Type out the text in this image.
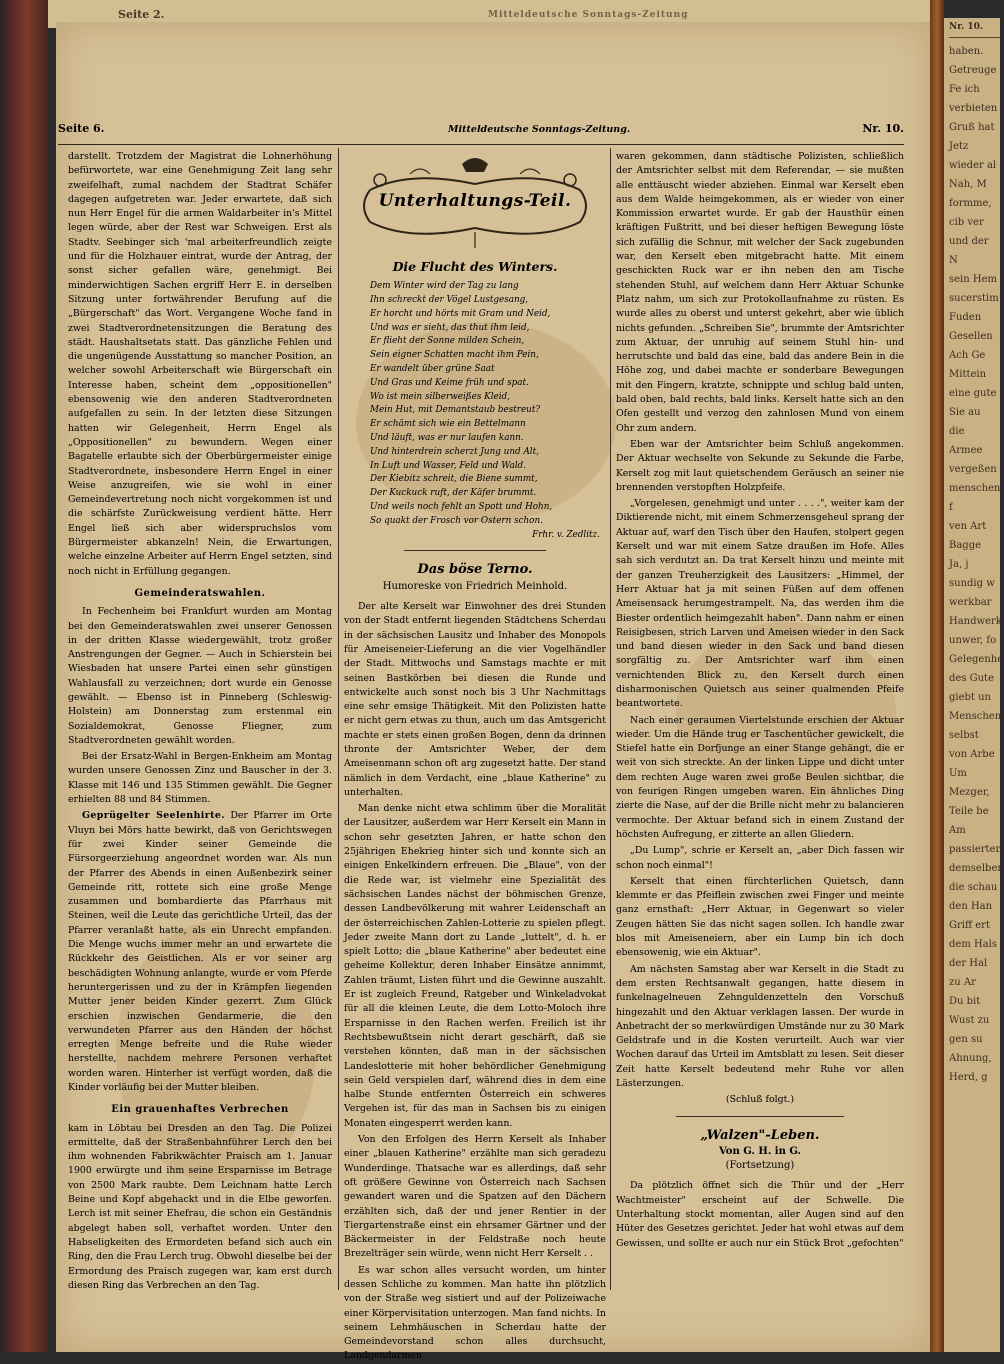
Seite 2.	Mitteldeutsche Sonntags-Zeitung
Nr. 10.
haben.
Getreuge
Fe ich
verbieten
Gruß hat
Jetz
wieder al
Nah, M
formme,
cib ver
und der N
sein Hem
sucerstim
Fuden
Gesellen
Ach Ge
Mittein
eine gute
Sie au
die Armee
vergeßen
menschen f
ven Art
Bagge
Ja, j
sundig w
werkbar
Handwerk
unwer, fo
Gelegenhe
des Gute
giebt un
Menschen,
selbst
von Arbe
Um
Mezger,
Teile be
Am
passierten
demselber
die schau
den Han
Griff ert
dem Hals
der Hal
zu Ar
Du bit
Wust zu
gen su
Ahnung,
Herd, g
Seite 6.	Mitteldeutsche Sonntags-Zeitung.	Nr. 10.

darstellt. Trotzdem der Magistrat die Lohnerhöhung befürwortete, war eine Genehmigung Zeit lang sehr zweifelhaft, zumal nachdem der Stadtrat Schäfer dagegen aufgetreten war. Jeder erwartete, daß sich nun Herr Engel für die armen Waldarbeiter in's Mittel legen würde, aber der Rest war Schweigen. Erst als Stadtv. Seebinger sich 'mal arbeiterfreundlich zeigte und für die Holzhauer eintrat, wurde der Antrag, der sonst sicher gefallen wäre, genehmigt. Bei minderwichtigen Sachen ergriff Herr E. in derselben Sitzung unter fortwährender Berufung auf die „Bürgerschaft" das Wort. Vergangene Woche fand in zwei Stadtverordnetensitzungen die Beratung des städt. Haushaltsetats statt. Das gänzliche Fehlen und die ungenügende Ausstattung so mancher Position, an welcher sowohl Arbeiterschaft wie Bürgerschaft ein Interesse haben, scheint dem „oppositionellen" ebensowenig wie den anderen Stadtverordneten aufgefallen zu sein. In der letzten diese Sitzungen hatten wir Gelegenheit, Herrn Engel als „Oppositionellen" zu bewundern. Wegen einer Bagatelle erlaubte sich der Oberbürgermeister einige Stadtverordnete, insbesondere Herrn Engel in einer Weise anzugreifen, wie sie wohl in einer Gemeindevertretung noch nicht vorgekommen ist und die schärfste Zurückweisung verdient hätte. Herr Engel ließ sich aber widerspruchslos vom Bürgermeister abkanzeln! Nein, die Erwartungen, welche einzelne Arbeiter auf Herrn Engel setzten, sind noch nicht in Erfüllung gegangen.

Gemeinderatswahlen.

In Fechenheim bei Frankfurt wurden am Montag bei den Gemeinderatswahlen zwei unserer Genossen in der dritten Klasse wiedergewählt, trotz großer Anstrengungen der Gegner. — Auch in Schierstein bei Wiesbaden hat unsere Partei einen sehr günstigen Wahlausfall zu verzeichnen; dort wurde ein Genosse gewählt. — Ebenso ist in Pinneberg (Schleswig-Holstein) am Donnerstag zum erstenmal ein Sozialdemokrat, Genosse Fliegner, zum Stadtverordneten gewählt worden.

Bei der Ersatz-Wahl in Bergen-Enkheim am Montag wurden unsere Genossen Zinz und Bauscher in der 3. Klasse mit 146 und 135 Stimmen gewählt. Die Gegner erhielten 88 und 84 Stimmen.

Geprügelter Seelenhirte. Der Pfarrer im Orte Vluyn bei Mörs hatte bewirkt, daß von Gerichtswegen für zwei Kinder seiner Gemeinde die Fürsorgeerziehung angeordnet worden war. Als nun der Pfarrer des Abends in einen Außenbezirk seiner Gemeinde ritt, rottete sich eine große Menge zusammen und bombardierte das Pfarrhaus mit Steinen, weil die Leute das gerichtliche Urteil, das der Pfarrer veranlaßt hatte, als ein Unrecht empfanden. Die Menge wuchs immer mehr an und erwartete die Rückkehr des Geistlichen. Als er vor seiner arg beschädigten Wohnung anlangte, wurde er vom Pferde heruntergerissen und zu der in Krämpfen liegenden Mutter jener beiden Kinder gezerrt. Zum Glück erschien inzwischen Gendarmerie, die den verwundeten Pfarrer aus den Händen der höchst erregten Menge befreite und die Ruhe wieder herstellte, nachdem mehrere Personen verhaftet worden waren. Hinterher ist verfügt worden, daß die Kinder vorläufig bei der Mutter bleiben.

Ein grauenhaftes Verbrechen

kam in Löbtau bei Dresden an den Tag. Die Polizei ermittelte, daß der Straßenbahnführer Lerch den bei ihm wohnenden Fabrikwächter Praisch am 1. Januar 1900 erwürgte und ihm seine Ersparnisse im Betrage von 2500 Mark raubte. Dem Leichnam hatte Lerch Beine und Kopf abgehackt und in die Elbe geworfen. Lerch ist mit seiner Ehefrau, die schon ein Geständnis abgelegt haben soll, verhaftet worden. Unter den Habseligkeiten des Ermordeten befand sich auch ein Ring, den die Frau Lerch trug. Obwohl dieselbe bei der Ermordung des Praisch zugegen war, kam erst durch diesen Ring das Verbrechen an den Tag.

Unterhaltungs-Teil.
Die Flucht des Winters.
Dem Winter wird der Tag zu lang
Ihn schreckt der Vögel Lustgesang,
Er horcht und hörts mit Gram und Neid,
Und was er sieht, das thut ihm leid,
Er flieht der Sonne milden Schein,
Sein eigner Schatten macht ihm Pein,
Er wandelt über grüne Saat
Und Gras und Keime früh und spat.
Wo ist mein silberweißes Kleid,
Mein Hut, mit Demantstaub bestreut?
Er schämt sich wie ein Bettelmann
Und läuft, was er nur laufen kann.
Und hinterdrein scherzt Jung und Alt,
In Luft und Wasser, Feld und Wald.
Der Kiebitz schreit, die Biene summt,
Der Kuckuck ruft, der Käfer brummt.
Und weils noch fehlt an Spott und Hohn,
So quakt der Frosch vor Ostern schon.
Frhr. v. Zedlitz.
Das böse Terno.
Humoreske von Friedrich Meinhold.

Der alte Kerselt war Einwohner des drei Stunden von der Stadt entfernt liegenden Städtchens Scherdau in der sächsischen Lausitz und Inhaber des Monopols für Ameiseneier-Lieferung an die vier Vogelhändler der Stadt. Mittwochs und Samstags machte er mit seinen Bastkörben bei diesen die Runde und entwickelte auch sonst noch bis 3 Uhr Nachmittags eine sehr emsige Thätigkeit. Mit den Polizisten hatte er nicht gern etwas zu thun, auch um das Amtsgericht machte er stets einen großen Bogen, denn da drinnen thronte der Amtsrichter Weber, der dem Ameisenmann schon oft arg zugesetzt hatte. Der stand nämlich in dem Verdacht, eine „blaue Katherine" zu unterhalten.

Man denke nicht etwa schlimm über die Moralität der Lausitzer, außerdem war Herr Kerselt ein Mann in schon sehr gesetzten Jahren, er hatte schon den 25jährigen Ehekrieg hinter sich und konnte sich an einigen Enkelkindern erfreuen. Die „Blaue", von der die Rede war, ist vielmehr eine Spezialität des sächsischen Landes nächst der böhmischen Grenze, dessen Landbevölkerung mit wahrer Leidenschaft an der österreichischen Zahlen-Lotterie zu spielen pflegt. Jeder zweite Mann dort zu Lande „luttelt", d. h. er spielt Lotto; die „blaue Katherine" aber bedeutet eine geheime Kollektur, deren Inhaber Einsätze annimmt, Zahlen träumt, Listen führt und die Gewinne auszahlt. Er ist zugleich Freund, Ratgeber und Winkeladvokat für all die kleinen Leute, die dem Lotto-Moloch ihre Ersparnisse in den Rachen werfen. Freilich ist ihr Rechtsbewußtsein nicht derart geschärft, daß sie verstehen könnten, daß man in der sächsischen Landeslotterie mit hoher behördlicher Genehmigung sein Geld verspielen darf, während dies in dem eine halbe Stunde entfernten Österreich ein schweres Vergehen ist, für das man in Sachsen bis zu einigen Monaten eingesperrt werden kann.

Von den Erfolgen des Herrn Kerselt als Inhaber einer „blauen Katherine" erzählte man sich geradezu Wunderdinge. Thatsache war es allerdings, daß sehr oft größere Gewinne von Österreich nach Sachsen gewandert waren und die Spatzen auf den Dächern erzählten sich, daß der und jener Rentier in der Tiergartenstraße einst ein ehrsamer Gärtner und der Bäckermeister in der Feldstraße noch heute Brezelträger sein würde, wenn nicht Herr Kerselt . .

Es war schon alles versucht worden, um hinter dessen Schliche zu kommen. Man hatte ihn plötzlich von der Straße weg sistiert und auf der Polizeiwache einer Körpervisitation unterzogen. Man fand nichts. In seinem Lehmhäuschen in Scherdau hatte der Gemeindevorstand schon alles durchsucht, Landgendarmen

waren gekommen, dann städtische Polizisten, schließlich der Amtsrichter selbst mit dem Referendar, — sie mußten alle enttäuscht wieder abziehen. Einmal war Kerselt eben aus dem Walde heimgekommen, als er wieder von einer Kommission erwartet wurde. Er gab der Hausthür einen kräftigen Fußtritt, und bei dieser heftigen Bewegung löste sich zufällig die Schnur, mit welcher der Sack zugebunden war, den Kerselt eben mitgebracht hatte. Mit einem geschickten Ruck war er ihn neben den am Tische stehenden Stuhl, auf welchem dann Herr Aktuar Schunke Platz nahm, um sich zur Protokollaufnahme zu rüsten. Es wurde alles zu oberst und unterst gekehrt, aber wie üblich nichts gefunden. „Schreiben Sie", brummte der Amtsrichter zum Aktuar, der unruhig auf seinem Stuhl hin- und herrutschte und bald das eine, bald das andere Bein in die Höhe zog, und dabei machte er sonderbare Bewegungen mit den Fingern, kratzte, schnippte und schlug bald unten, bald oben, bald rechts, bald links. Kerselt hatte sich an den Ofen gestellt und verzog den zahnlosen Mund von einem Ohr zum andern.

Eben war der Amtsrichter beim Schluß angekommen. Der Aktuar wechselte von Sekunde zu Sekunde die Farbe, Kerselt zog mit laut quietschendem Geräusch an seiner nie brennenden verstopften Holzpfeife.

„Vorgelesen, genehmigt und unter . . . .", weiter kam der Diktierende nicht, mit einem Schmerzensgeheul sprang der Aktuar auf, warf den Tisch über den Haufen, stolpert gegen Kerselt und war mit einem Satze draußen im Hofe. Alles sah sich verdutzt an. Da trat Kerselt hinzu und meinte mit der ganzen Treuherzigkeit des Lausitzers: „Himmel, der Herr Aktuar hat ja mit seinen Füßen auf dem offenen Ameisensack herumgestrampelt. Na, das werden ihm die Biester ordentlich heimgezahlt haben". Dann nahm er einen Reisigbesen, strich Larven und Ameisen wieder in den Sack und band diesen wieder in den Sack und band diesen sorgfältig zu. Der Amtsrichter warf ihm einen vernichtenden Blick zu, den Kerselt durch einen disharmonischen Quietsch aus seiner qualmenden Pfeife beantwortete.

Nach einer geraumen Viertelstunde erschien der Aktuar wieder. Um die Hände trug er Taschentücher gewickelt, die Stiefel hatte ein Dorfjunge an einer Stange gehängt, die er weit von sich streckte. An der linken Lippe und dicht unter dem rechten Auge waren zwei große Beulen sichtbar, die von feurigen Ringen umgeben waren. Ein ähnliches Ding zierte die Nase, auf der die Brille nicht mehr zu balancieren vermochte. Der Aktuar befand sich in einem Zustand der höchsten Aufregung, er zitterte an allen Gliedern.

„Du Lump", schrie er Kerselt an, „aber Dich fassen wir schon noch einmal"!

Kerselt that einen fürchterlichen Quietsch, dann klemmte er das Pfeiflein zwischen zwei Finger und meinte ganz ernsthaft: „Herr Aktuar, in Gegenwart so vieler Zeugen hätten Sie das nicht sagen sollen. Ich handle zwar blos mit Ameiseneiern, aber ein Lump bin ich doch ebensowenig, wie ein Aktuar".

Am nächsten Samstag aber war Kerselt in die Stadt zu dem ersten Rechtsanwalt gegangen, hatte diesem in funkelnagelneuen Zehnguldenzetteln den Vorschuß hingezahlt und den Aktuar verklagen lassen. Der wurde in Anbetracht der so merkwürdigen Umstände nur zu 30 Mark Geldstrafe und in die Kosten verurteilt. Auch war vier Wochen darauf das Urteil im Amtsblatt zu lesen. Seit dieser Zeit hatte Kerselt bedeutend mehr Ruhe vor allen Lästerzungen.

(Schluß folgt.)

„Walzen"-Leben.
Von G. H. in G.
(Fortsetzung)

Da plötzlich öffnet sich die Thür und der „Herr Wachtmeister" erscheint auf der Schwelle. Die Unterhaltung stockt momentan, aller Augen sind auf den Hüter des Gesetzes gerichtet. Jeder hat wohl etwas auf dem Gewissen, und sollte er auch nur ein Stück Brot „gefochten"
